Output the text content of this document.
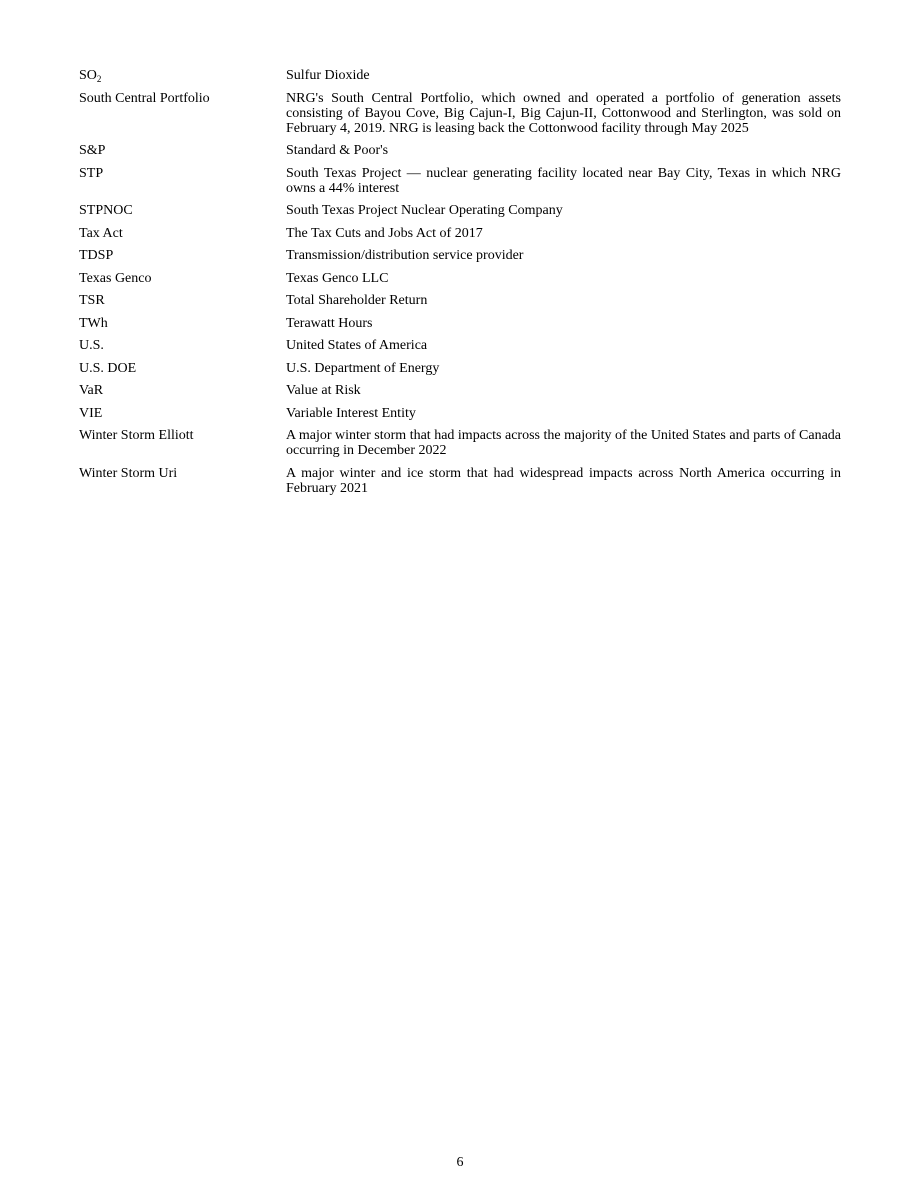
$SO_2$	Sulfur Dioxide
South Central Portfolio	NRG's South Central Portfolio, which owned and operated a portfolio of generation assets consisting of Bayou Cove, Big Cajun-I, Big Cajun-II, Cottonwood and Sterlington, was sold on February 4, 2019. NRG is leasing back the Cottonwood facility through May 2025
S&P	Standard & Poor's
STP	South Texas Project — nuclear generating facility located near Bay City, Texas in which NRG owns a 44% interest
STPNOC	South Texas Project Nuclear Operating Company
Tax Act	The Tax Cuts and Jobs Act of 2017
TDSP	Transmission/distribution service provider
Texas Genco	Texas Genco LLC
TSR	Total Shareholder Return
TWh	Terawatt Hours
U.S.	United States of America
U.S. DOE	U.S. Department of Energy
VaR	Value at Risk
VIE	Variable Interest Entity
Winter Storm Elliott	A major winter storm that had impacts across the majority of the United States and parts of Canada occurring in December 2022
Winter Storm Uri	A major winter and ice storm that had widespread impacts across North America occurring in February 2021
6
